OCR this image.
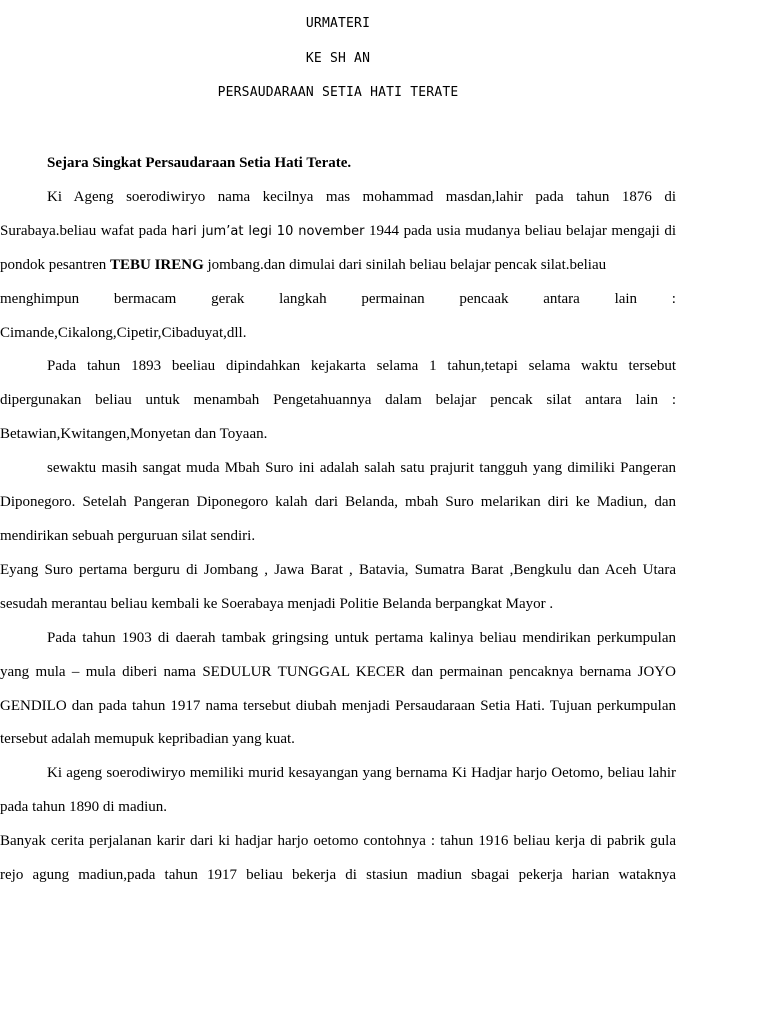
URMATERI
KE SH AN
PERSAUDARAAN SETIA HATI TERATE

Sejara Singkat Persaudaraan Setia Hati Terate.

Ki Ageng soerodiwiryo nama kecilnya mas mohammad masdan,lahir pada tahun 1876 di Surabaya.beliau wafat pada hari jum’at legi 10 november 1944 pada usia mudanya beliau belajar mengaji di pondok pesantren TEBU IRENG jombang.dan dimulai dari sinilah beliau belajar pencak silat.beliau

menghimpun bermacam gerak langkah permainan pencaak antara lain :

Cimande,Cikalong,Cipetir,Cibaduyat,dll.

Pada tahun 1893 beeliau dipindahkan kejakarta selama 1 tahun,tetapi selama waktu tersebut dipergunakan beliau untuk menambah Pengetahuannya dalam belajar pencak silat antara lain : Betawian,Kwitangen,Monyetan dan Toyaan.

sewaktu masih sangat muda Mbah Suro ini adalah salah satu prajurit tangguh yang dimiliki Pangeran Diponegoro. Setelah Pangeran Diponegoro kalah dari Belanda, mbah Suro melarikan diri ke Madiun, dan mendirikan sebuah perguruan silat sendiri.

Eyang Suro pertama berguru di Jombang , Jawa Barat , Batavia, Sumatra Barat ,Bengkulu dan Aceh Utara sesudah merantau beliau kembali ke Soerabaya menjadi Politie Belanda berpangkat Mayor .

Pada tahun 1903 di daerah tambak gringsing untuk pertama kalinya beliau mendirikan perkumpulan yang mula – mula diberi nama SEDULUR TUNGGAL KECER dan permainan pencaknya bernama JOYO GENDILO dan pada tahun 1917 nama tersebut diubah menjadi Persaudaraan Setia Hati. Tujuan perkumpulan tersebut adalah memupuk kepribadian yang kuat.

Ki ageng soerodiwiryo memiliki murid kesayangan yang bernama Ki Hadjar harjo Oetomo, beliau lahir pada tahun 1890 di madiun.

Banyak cerita perjalanan karir dari ki hadjar harjo oetomo contohnya : tahun 1916 beliau kerja di pabrik gula rejo agung madiun,pada tahun 1917 beliau bekerja di stasiun madiun sbagai pekerja harian wataknya
